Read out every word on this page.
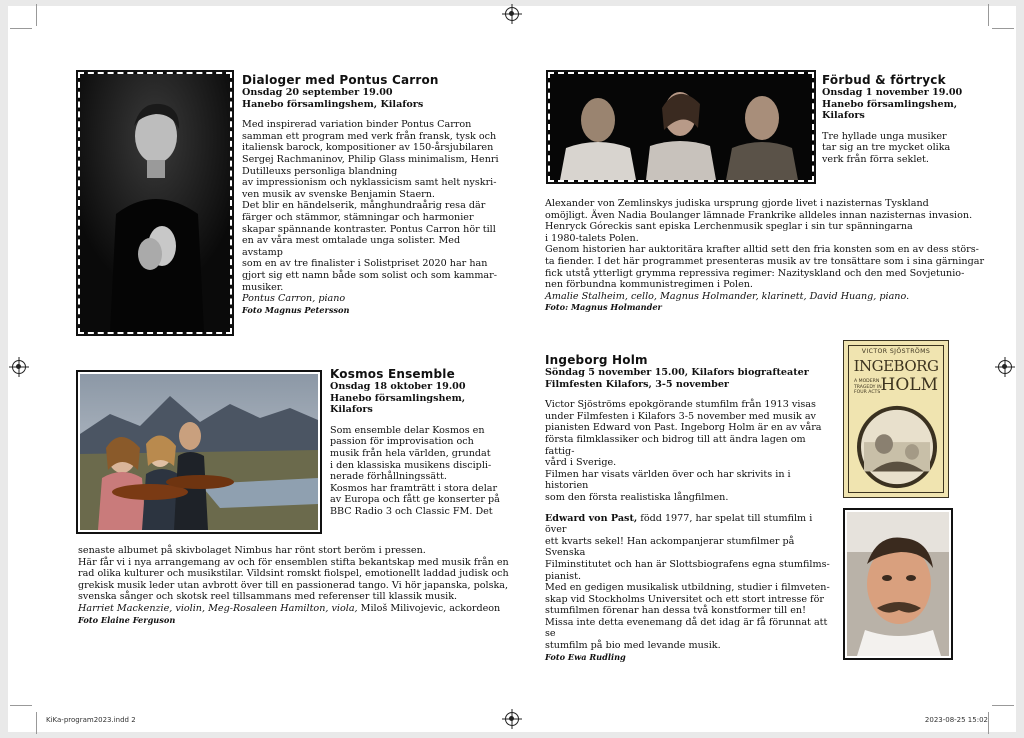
Dialoger med Pontus Carron

Onsdag 20 september 19.00

Hanebo församlingshem, Kilafors

Med inspirerad variation binder Pontus Carron

samman ett program med verk från fransk, tysk och

italiensk barock, kompositioner av 150-årsjubilaren

Sergej Rachmaninov, Philip Glass minimalism, Henri

Dutilleuxs personliga blandning

av impressionism och nyklassicism samt helt nyskri-

ven musik av svenske Benjamin Staern.

Det blir en händelserik, månghundraårig resa där

färger och stämmor, stämningar och harmonier

skapar spännande kontraster. Pontus Carron hör till

en av våra mest omtalade unga solister. Med avstamp

som en av tre finalister i Solistpriset 2020 har han

gjort sig ett namn både som solist och som kammar-

musiker.

Pontus Carron, piano

Foto Magnus Petersson

Kosmos Ensemble

Onsdag 18 oktober 19.00

Hanebo församlingshem,

Kilafors

Som ensemble delar Kosmos en

passion för improvisation och

musik från hela världen, grundat

i den klassiska musikens discipli-

nerade förhållningssätt.

Kosmos har framträtt i stora delar

av Europa och fått ge konserter på

BBC Radio 3 och Classic FM. Det

senaste albumet på skivbolaget Nimbus har rönt stort beröm i pressen.

Här får vi i nya arrangemang av och för ensemblen stifta bekantskap med musik från en

rad olika kulturer och musikstilar. Vildsint romskt fiolspel, emotionellt laddad judisk och

grekisk musik leder utan avbrott över till en passionerad tango. Vi hör japanska, polska,

svenska sånger och skotsk reel tillsammans med referenser till klassik musik.

Harriet Mackenzie, violin, Meg-Rosaleen Hamilton, viola, Miloš Milivojevic, ackordeon

Foto Elaine Ferguson

Förbud & förtryck

Onsdag 1 november 19.00

Hanebo församlingshem,

Kilafors

Tre hyllade unga musiker

tar sig an tre mycket olika

verk från förra seklet.

Alexander von Zemlinskys judiska ursprung gjorde livet i nazisternas Tyskland

omöjligt. Även Nadia Boulanger lämnade Frankrike alldeles innan nazisternas invasion.

Henryck Góreckis sant episka Lerchenmusik speglar i sin tur spänningarna

i 1980-talets Polen.

Genom historien har auktoritära krafter alltid sett den fria konsten som en av dess störs-

ta fiender. I det här programmet presenteras musik av tre tonsättare som i sina gärningar

fick utstå ytterligt grymma repressiva regimer: Nazityskland och den med Sovjetunio-

nen förbundna kommunistregimen i Polen.

Amalie Stalheim, cello, Magnus Holmander, klarinett, David Huang, piano.

Foto: Magnus Holmander

Ingeborg Holm

Söndag 5 november 15.00, Kilafors biografteater

Filmfesten Kilafors, 3-5 november

Victor Sjöströms epokgörande stumfilm från 1913 visas

under Filmfesten i Kilafors 3-5 november med musik av

pianisten Edward von Past. Ingeborg Holm är en av våra

första filmklassiker och bidrog till att ändra lagen om fattig-

vård i Sverige.

Filmen har visats världen över och har skrivits in i historien

som den första realistiska långfilmen.

Edward von Past, född 1977, har spelat till stumfilm i över

ett kvarts sekel! Han ackompanjerar stumfilmer på Svenska

Filminstitutet och han är Slottsbiografens egna stumfilms-

pianist.

Med en gedigen musikalisk utbildning, studier i filmveten-

skap vid Stockholms Universitet och ett stort intresse för

stumfilmen förenar han dessa två konstformer till en!

Missa inte detta evenemang då det idag är få förunnat att se

stumfilm på bio med levande musik.

Foto Ewa Rudling

VICTOR SJÖSTRÖMS
INGEBORG
A MODERN
TRAGEDY IN
FOUR ACTS HOLM
KiKa-program2023.indd 2	2023-08-25 15:02
